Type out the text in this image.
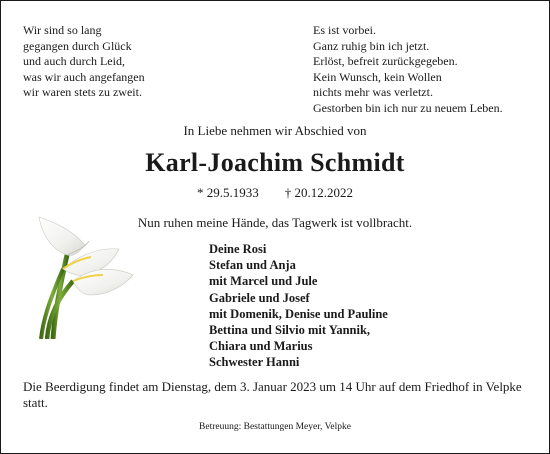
Wir sind so lang
gegangen durch Glück
und auch durch Leid,
was wir auch angefangen
wir waren stets zu zweit.
Es ist vorbei.
Ganz ruhig bin ich jetzt.
Erlöst, befreit zurückgegeben.
Kein Wunsch, kein Wollen
nichts mehr was verletzt.
Gestorben bin ich nur zu neuem Leben.
In Liebe nehmen wir Abschied von
Karl-Joachim Schmidt
* 29.5.1933 † 20.12.2022
Nun ruhen meine Hände, das Tagwerk ist vollbracht.
Deine Rosi
Stefan und Anja
mit Marcel und Jule
Gabriele und Josef
mit Domenik, Denise und Pauline
Bettina und Silvio mit Yannik,
Chiara und Marius
Schwester Hanni
Die Beerdigung findet am Dienstag, dem 3. Januar 2023 um 14 Uhr auf dem Friedhof in Velpke statt.
Betreuung: Bestattungen Meyer, Velpke
